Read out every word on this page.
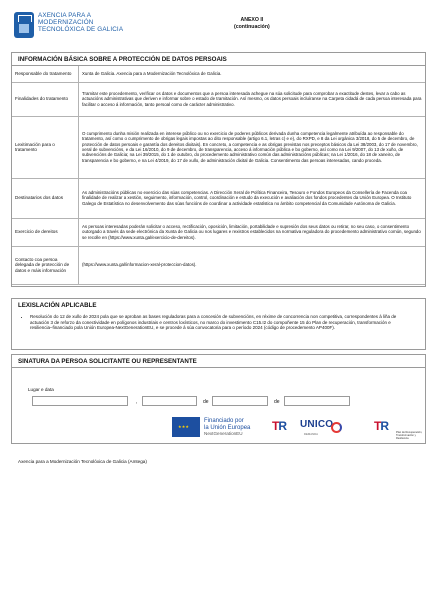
AXENCIA PARA A
MODERNIZACIÓN
TECNOLÓXICA DE GALICIA
ANEXO II
(continuación)
INFORMACIÓN BÁSICA SOBRE A PROTECCIÓN DE DATOS PERSOAIS
Responsable do tratamento	Xunta de Galicia. Axencia para a Modernización Tecnolóxica de Galicia.
Finalidades do tratamento	Tramitar este procedemento, verificar os datos e documentos que a persoa interesada achegue na súa solicitude para comprobar a exactitude destes, levar a cabo as actuacións administrativas que deriven e informar sobre o estado de tramitación. Así mesmo, os datos persoais incluíranse na Carpeta cidadá de cada persoa interesada para facilitar o acceso á información, tanto persoal como de carácter administrativo.
Lexitimación para o tratamento	O cumprimento dunha misión realizada en interese público ou no exercicio de poderes públicos derivada dunha competencia legalmente atribuída ao responsable do tratamento, así como o cumprimento de obrigas legais impostas ao dito responsable (artigo 6.1, letras c) e e), do RXPD, e 8 da Lei orgánica 3/2018, do 5 de decembro, de protección de datos persoais e garantía dos dereitos dixitais). En concreto, a competencia e as obrigas previstas nos preceptos básicos da Lei 38/2003, do 17 de novembro, xeral de subvencións, e da Lei 16/2010, do 9 de decembro, de transparencia, acceso á información pública e bo goberno, así como na Lei 9/2007, do 13 de xuño, de subvencións de Galicia; na Lei 39/2015, do 1 de outubro, do procedemento administrativo común das administracións públicas; na Lei 1/2016, do 18 de xaneiro, de transparencia e bo goberno, e na Lei 4/2019, do 17 de xullo, de administración dixital de Galicia. Consentimento das persoas interesadas, cando proceda.
Destinatarios dos datos	As administracións públicas no exercicio das súas competencias. A Dirección Xeral de Política Financeira, Tesouro e Fondos Europeos da Consellería de Facenda coa finalidade de realizar a xestión, seguimento, información, control, coordinación e estudo da execución e avaliación dos fondos procedentes da Unión Europea. O Instituto Galego de Estatística no desenvolvemento das súas funcións de coordinar a actividade estatística no ámbito competencial da Comunidade Autónoma de Galicia.
Exercicio de dereitos	As persoas interesadas poderán solicitar o acceso, rectificación, oposición, limitación, portabilidade e supresión dos seus datos ou retirar, no seu caso, o consentimento outorgado a través da sede electrónica da Xunta de Galicia ou nos lugares e rexistros establecidos na normativa reguladora do procedemento administrativo común, segundo se recolle en (https://www.xunta.gal/exercicio-de-dereitos).
Contacto coa persoa delegada de protección de datos e máis información	(https://www.xunta.gal/informacion-xeral-proteccion-datos).
LEXISLACIÓN APLICABLE
• Resolución do 12 de xullo de 2024 pola que se aproban as bases reguladoras para a concesión de subvencións, en réxime de concorrencia non competitiva, correspondentes á liña de actuación 3 de reforzo da conectividade en polígonos industriais e centros loxísticos, no marco do investimento C15.I2 do compoñente 15 do Plan de recuperación, transformación e resiliencia–financiado pola Unión Europea-NextGenerationEU, e se procede á súa convocatoria para o período 2024 (código de procedemento AP400F).
SINATURA DA PERSOA SOLICITANTE OU REPRESENTANTE
Lugar e data
,	de	de
★ ★ ★
Financiado por
la Unión Europea
NextGenerationEU
TR	UNICO
DEMANDA
TR	Plan de Recuperación, Transformación y Resiliencia
Axencia para a Modernización Tecnolóxica de Galicia (Amtega)
